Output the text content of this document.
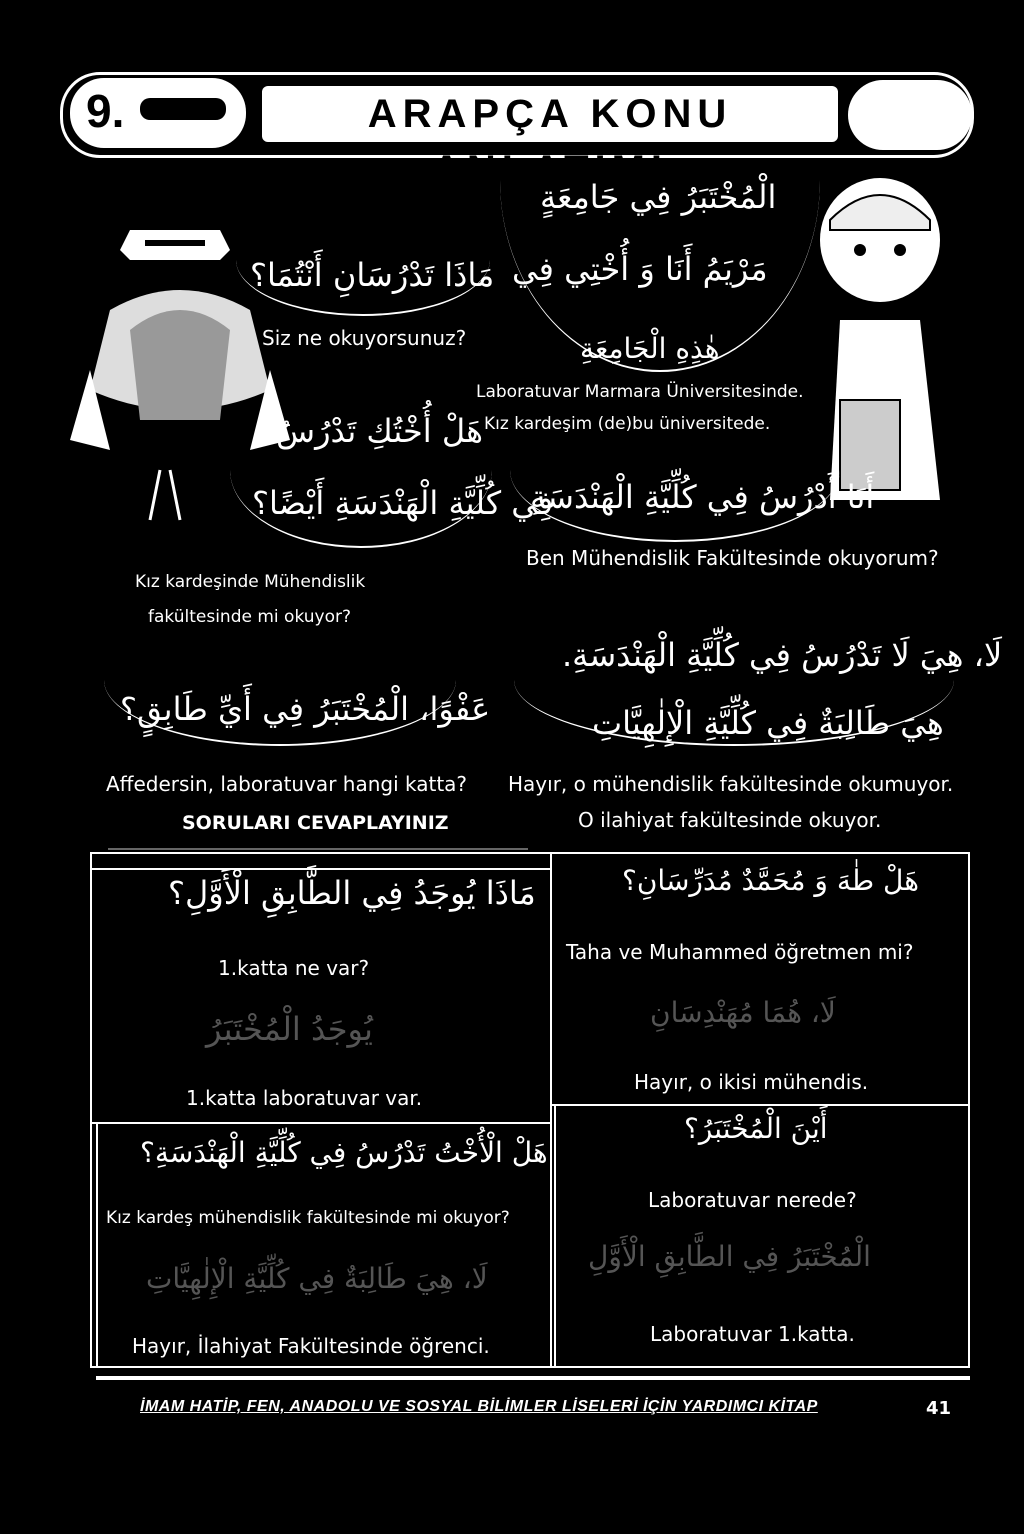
9.	ARAPÇA KONU ANLATIMI
الْمُخْتَبَرُ فِي جَامِعَةٍ
مَرْيَمُ أَنَا وَ أُخْتِي فِي
هٰذِهِ الْجَامِعَةِ
Laboratuvar Marmara Üniversitesinde.
Kız kardeşim (de)bu üniversitede.
مَاذَا تَدْرُسَانِ أَنْتُمَا؟
Siz ne okuyorsunuz?
هَلْ أُخْتُكِ تَدْرُسُ
فِي كُلِّيَّةِ الْهَنْدَسَةِ أَيْضًا؟
Kız kardeşinde Mühendislik
fakültesinde mi okuyor?
أَنَا أَدْرُسُ فِي كُلِّيَّةِ الْهَنْدَسَةِ
Ben Mühendislik Fakültesinde okuyorum?
لَا، هِيَ لَا تَدْرُسُ فِي كُلِّيَّةِ الْهَنْدَسَةِ.
هِيَ طَالِبَةٌ فِي كُلِّيَّةِ الْإِلٰهِيَّاتِ
عَفْوًا، الْمُخْتَبَرُ فِي أَيِّ طَابِقٍ؟
Affedersin, laboratuvar hangi katta? Hayır, o mühendislik fakültesinde okumuyor.
O ilahiyat fakültesinde okuyor.
SORULARI CEVAPLAYINIZ
مَاذَا يُوجَدُ فِي الطَّابِقِ الْأَوَّلِ؟
1.katta ne var?
يُوجَدُ الْمُخْتَبَرُ
1.katta laboratuvar var.
هَلْ الْأُخْتُ تَدْرُسُ فِي كُلِّيَّةِ الْهَنْدَسَةِ؟
Kız kardeş mühendislik fakültesinde mi okuyor?
لَا، هِيَ طَالِبَةٌ فِي كُلِّيَّةِ الْإِلٰهِيَّاتِ
Hayır, İlahiyat Fakültesinde öğrenci.
هَلْ طٰهَ وَ مُحَمَّدٌ مُدَرِّسَانِ؟
Taha ve Muhammed öğretmen mi?
لَا، هُمَا مُهَنْدِسَانِ
Hayır, o ikisi mühendis.
أَيْنَ الْمُخْتَبَرُ؟
Laboratuvar nerede?
الْمُخْتَبَرُ فِي الطَّابِقِ الْأَوَّلِ
Laboratuvar 1.katta.
İMAM HATİP, FEN, ANADOLU VE SOSYAL BİLİMLER LİSELERİ İÇİN YARDIMCI KİTAP	41
